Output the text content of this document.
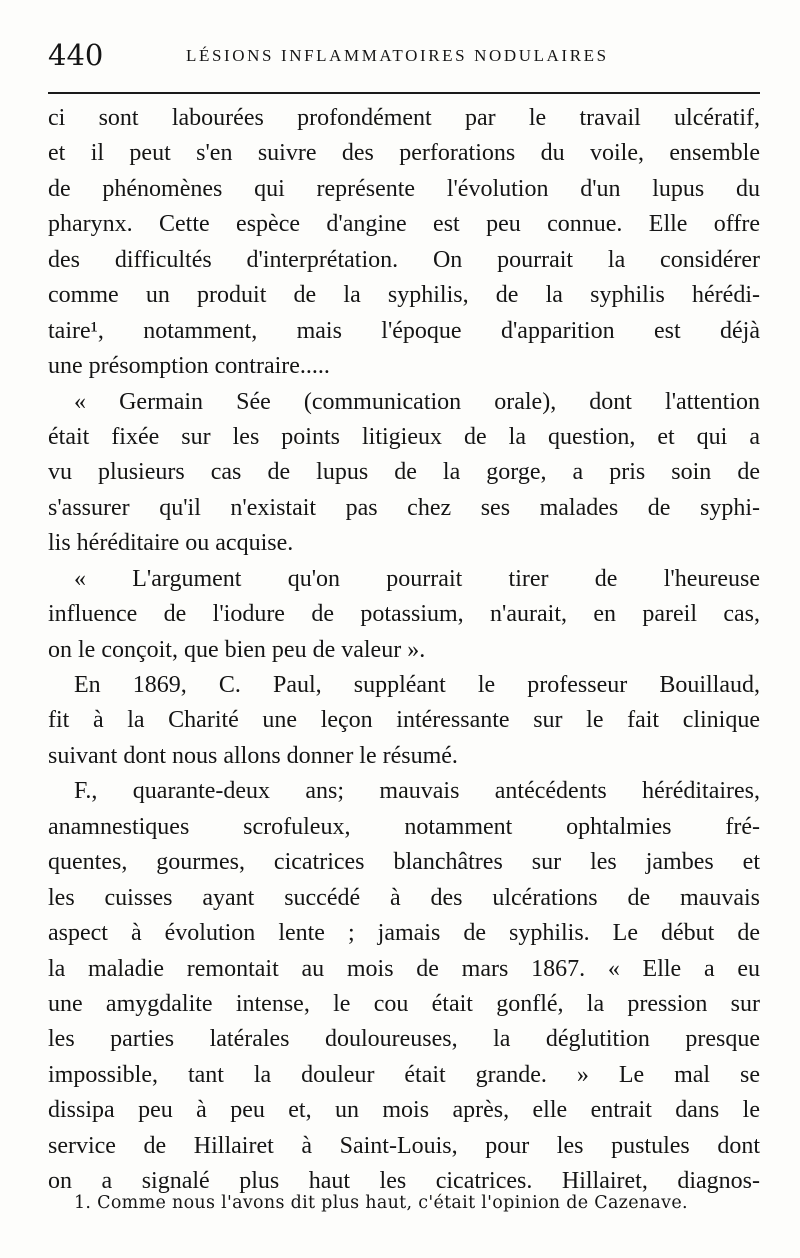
440	LÉSIONS INFLAMMATOIRES NODULAIRES
ci sont labourées profondément par le travail ulcératif,
et il peut s'en suivre des perforations du voile, ensemble
de phénomènes qui représente l'évolution d'un lupus du
pharynx. Cette espèce d'angine est peu connue. Elle offre
des difficultés d'interprétation. On pourrait la considérer
comme un produit de la syphilis, de la syphilis hérédi-
taire¹, notamment, mais l'époque d'apparition est déjà
une présomption contraire.....
« Germain Sée (communication orale), dont l'attention
était fixée sur les points litigieux de la question, et qui a
vu plusieurs cas de lupus de la gorge, a pris soin de
s'assurer qu'il n'existait pas chez ses malades de syphi-
lis héréditaire ou acquise.
« L'argument qu'on pourrait tirer de l'heureuse
influence de l'iodure de potassium, n'aurait, en pareil cas,
on le conçoit, que bien peu de valeur ».
En 1869, C. Paul, suppléant le professeur Bouillaud,
fit à la Charité une leçon intéressante sur le fait clinique
suivant dont nous allons donner le résumé.
F., quarante-deux ans; mauvais antécédents héréditaires,
anamnestiques scrofuleux, notamment ophtalmies fré-
quentes, gourmes, cicatrices blanchâtres sur les jambes et
les cuisses ayant succédé à des ulcérations de mauvais
aspect à évolution lente ; jamais de syphilis. Le début de
la maladie remontait au mois de mars 1867. « Elle a eu
une amygdalite intense, le cou était gonflé, la pression sur
les parties latérales douloureuses, la déglutition presque
impossible, tant la douleur était grande. » Le mal se
dissipa peu à peu et, un mois après, elle entrait dans le
service de Hillairet à Saint-Louis, pour les pustules dont
on a signalé plus haut les cicatrices. Hillairet, diagnos-
1. Comme nous l'avons dit plus haut, c'était l'opinion de Cazenave.
